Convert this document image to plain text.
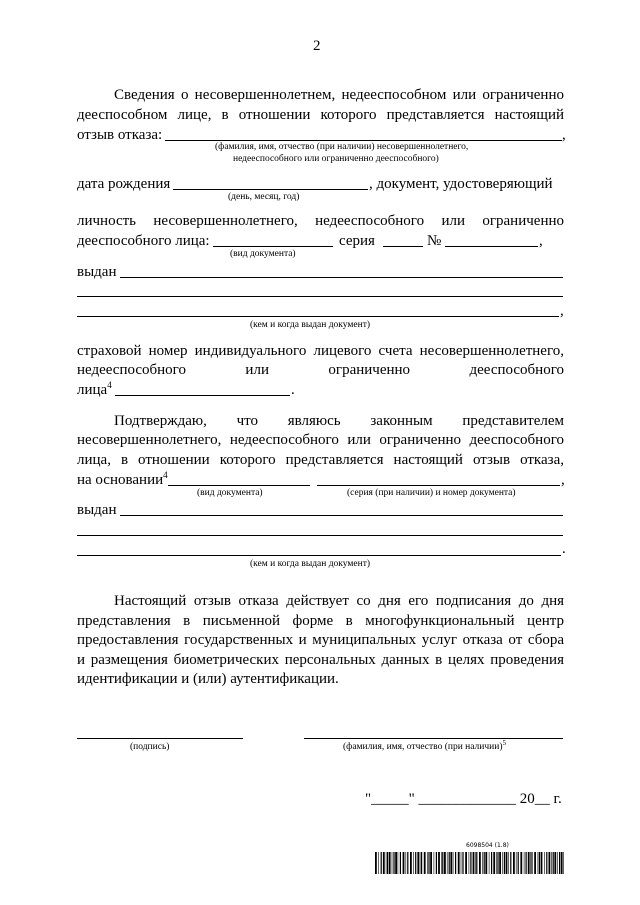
2
Сведения о несовершеннолетнем, недееспособном или ограниченно
дееспособном лице, в отношении которого представляется настоящий
отзыв отказа:	,
(фамилия, имя, отчество (при наличии) несовершеннолетнего,
недееспособного или ограниченно дееспособного)
дата рождения	, документ, удостоверяющий
(день, месяц, год)
личность несовершеннолетнего, недееспособного или ограниченно
дееспособного лица:	серия	№	,
(вид документа)
выдан
,
(кем и когда выдан документ)
страховой номер индивидуального лицевого счета несовершеннолетнего,
недееспособного или ограниченно дееспособного
лица$^4$	.
Подтверждаю, что являюсь законным представителем
несовершеннолетнего, недееспособного или ограниченно дееспособного
лица, в отношении которого представляется настоящий отзыв отказа,
на основании$^4$	,
(вид документа)	(серия (при наличии) и номер документа)
выдан
.
(кем и когда выдан документ)
Настоящий отзыв отказа действует со дня его подписания до дня
представления в письменной форме в многофункциональный центр
предоставления государственных и муниципальных услуг отказа от сбора
и размещения биометрических персональных данных в целях проведения
идентификации и (или) аутентификации.
(подпись)	(фамилия, имя, отчество (при наличии)$^5$
"_____" _____________ 20__ г.
6098504 (1.8)
